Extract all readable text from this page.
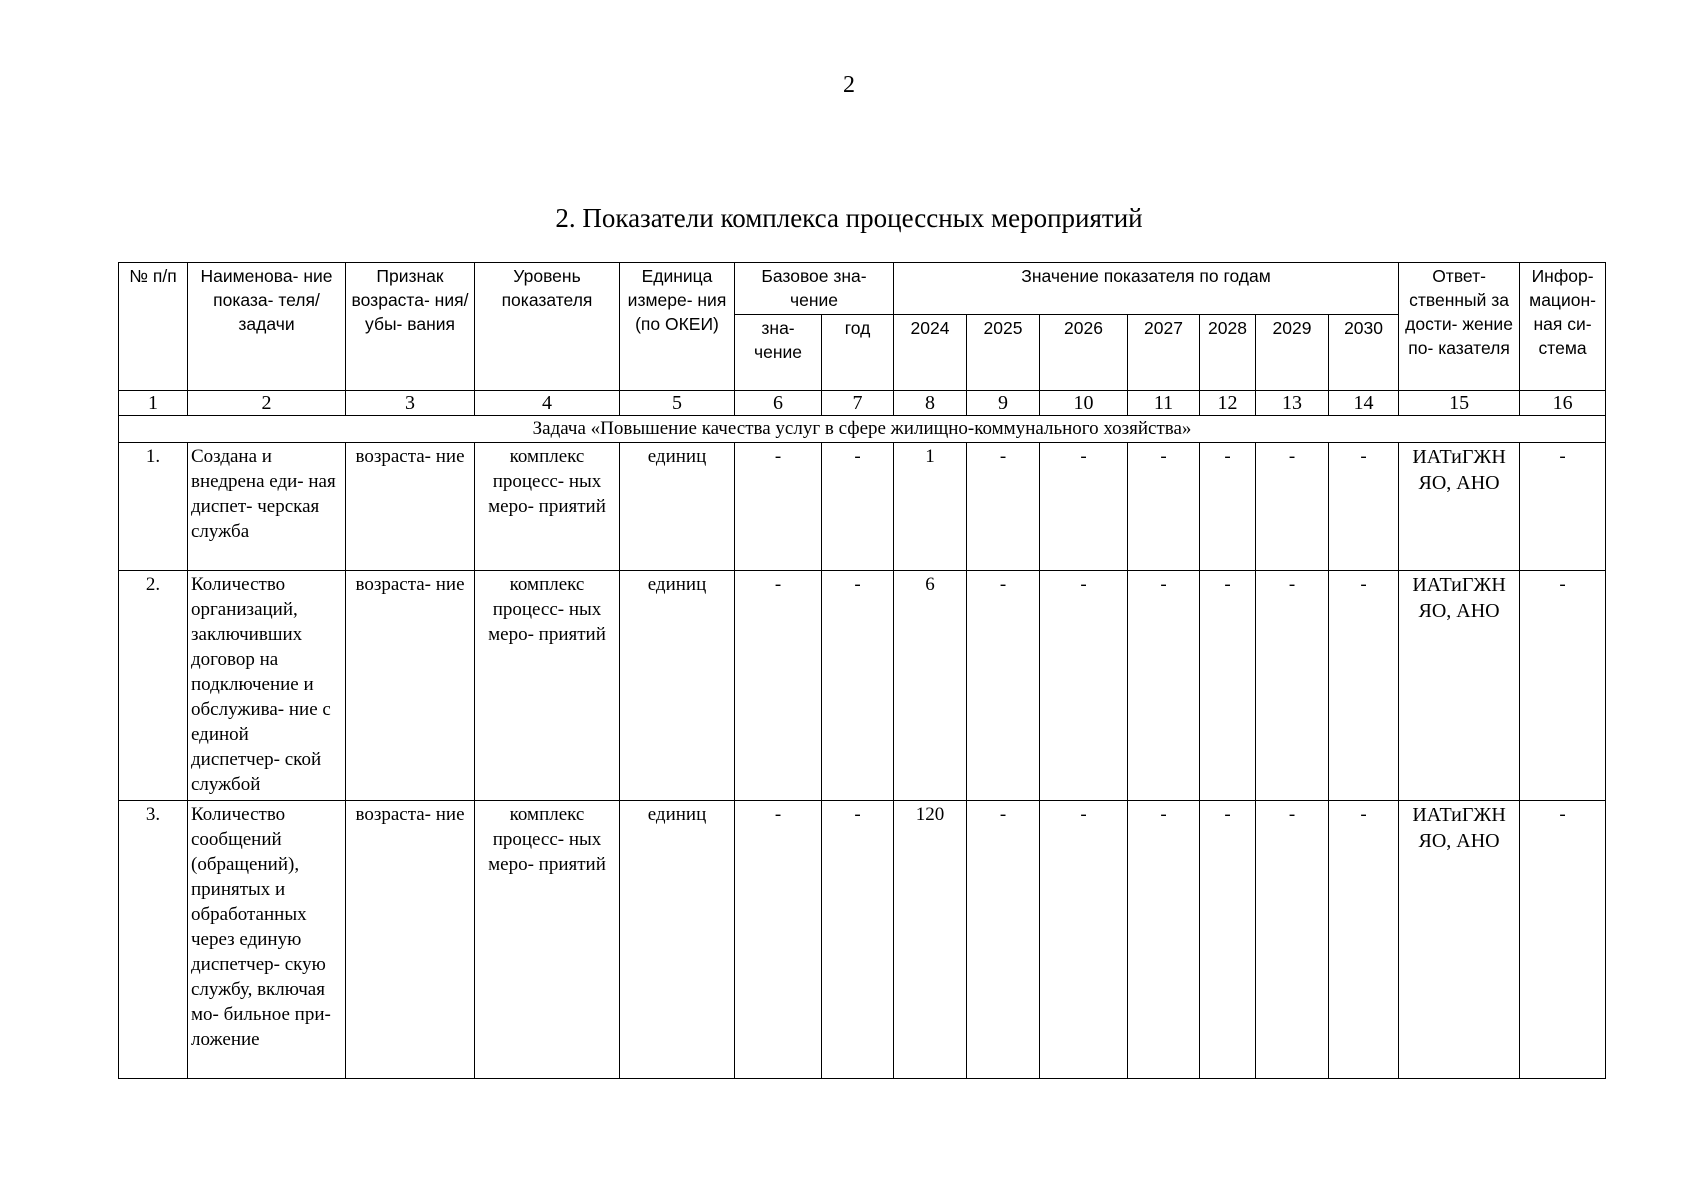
2
2. Показатели комплекса процессных мероприятий
№ п/п	Наименова- ние показа- теля/ задачи	Признак возраста- ния/ убы- вания	Уровень показателя	Единица измере- ния (по ОКЕИ)	Базовое зна- чение		Значение показателя по годам							Ответ- ственный за дости- жение по- казателя	Инфор- мацион- ная си- стема
					зна- чение	год	2024	2025	2026	2027	2028	2029	2030		
1	2	3	4	5	6	7	8	9	10	11	12	13	14	15	16
Задача «Повышение качества услуг в сфере жилищно-коммунального хозяйства»															
1.	Создана и внедрена еди- ная диспет- черская служба	возраста- ние	комплекс процесс- ных меро- приятий	единиц	-	-	1	-	-	-	-	-	-	ИАТиГЖН ЯО, АНО	-
2.	Количество организаций, заключивших договор на подключение и обслужива- ние с единой диспетчер- ской службой	возраста- ние	комплекс процесс- ных меро- приятий	единиц	-	-	6	-	-	-	-	-	-	ИАТиГЖН ЯО, АНО	-
3.	Количество сообщений (обращений), принятых и обработанных через единую диспетчер- скую службу, включая мо- бильное при- ложение	возраста- ние	комплекс процесс- ных меро- приятий	единиц	-	-	120	-	-	-	-	-	-	ИАТиГЖН ЯО, АНО	-
